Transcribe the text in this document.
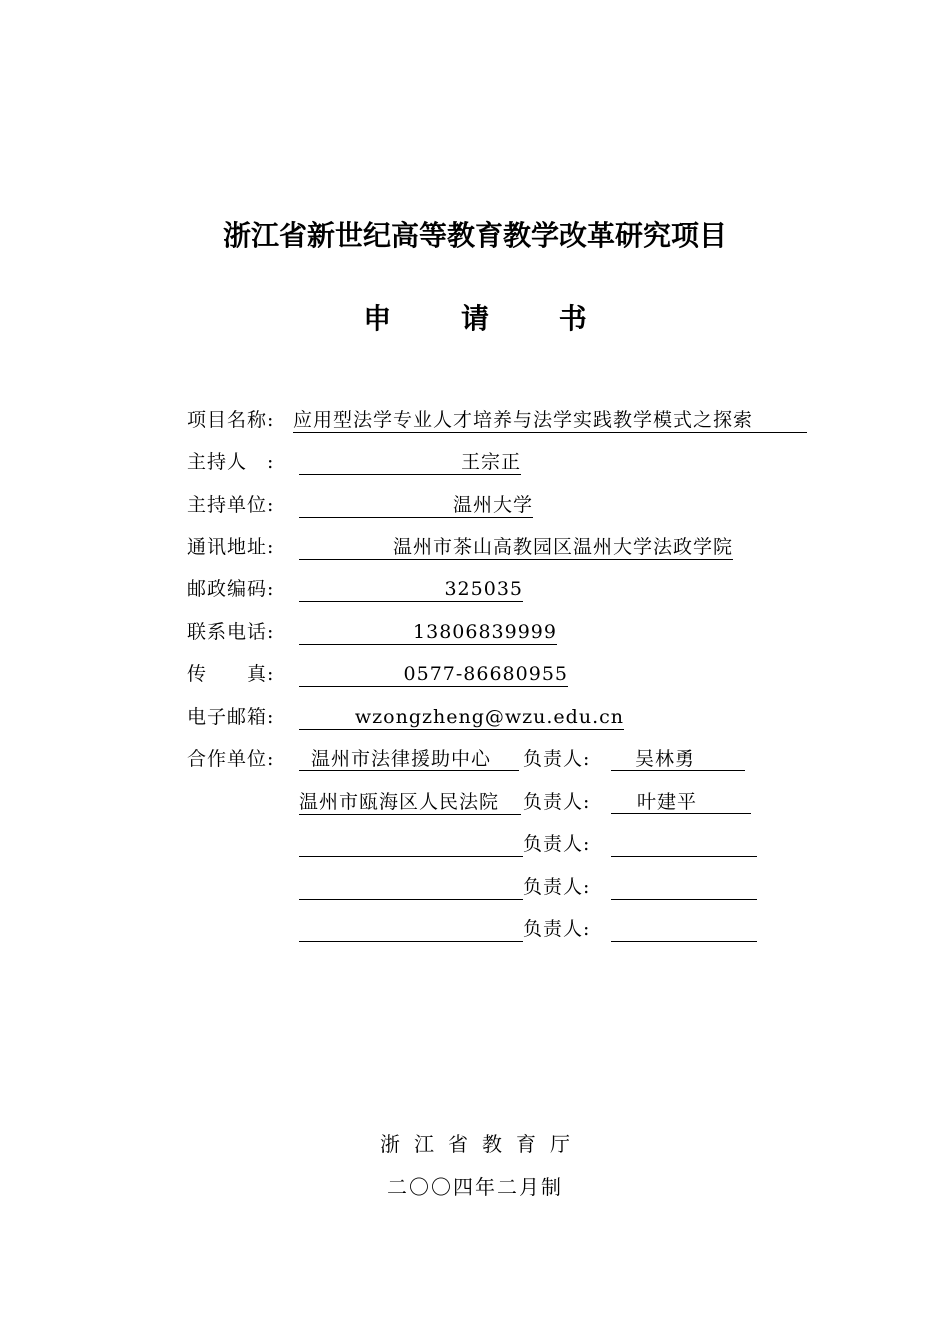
浙江省新世纪高等教育教学改革研究项目
申 请 书
项目名称: 应用型法学专业人才培养与法学实践教学模式之探索
主持人　:	王宗正
主持单位:	温州大学
通讯地址:	温州市茶山高教园区温州大学法政学院
邮政编码:	325035
联系电话:	13806839999
传　　真:	0577-86680955
电子邮箱:	wzongzheng@wzu.edu.cn
合作单位:	温州市法律援助中心	负责人:	吴林勇
温州市瓯海区人民法院	负责人:	叶建平
负责人:
负责人:
负责人:
浙江省教育厅
二〇〇四年二月制
